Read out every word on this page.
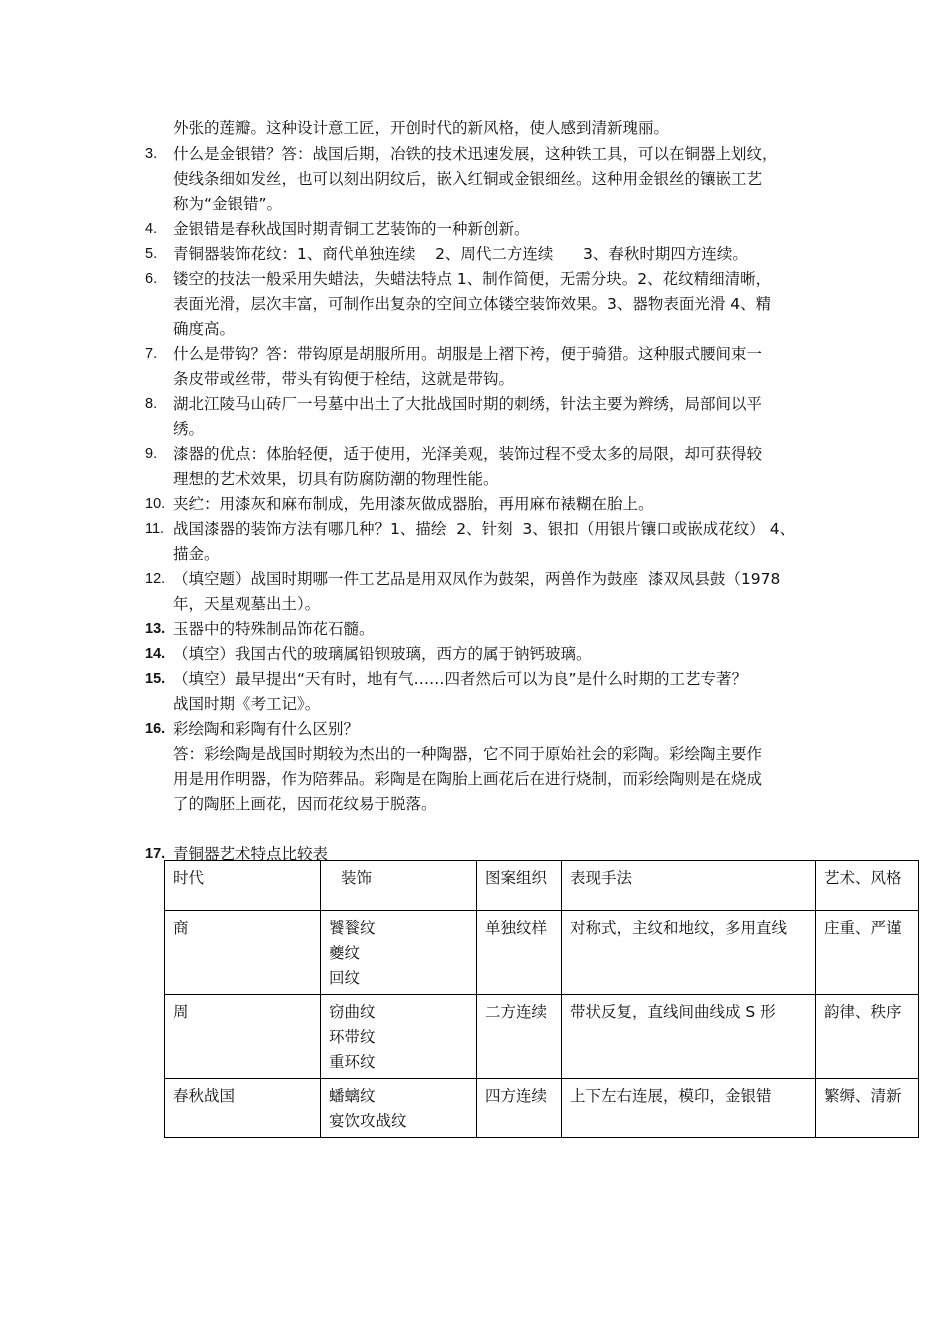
外张的莲瓣。这种设计意工匠，开创时代的新风格，使人感到清新瑰丽。
3. 什么是金银错？答：战国后期，冶铁的技术迅速发展，这种铁工具，可以在铜器上划纹，
使线条细如发丝，也可以刻出阴纹后，嵌入红铜或金银细丝。这种用金银丝的镶嵌工艺
称为“金银错”。
4. 金银错是春秋战国时期青铜工艺装饰的一种新创新。
5. 青铜器装饰花纹：1、商代单独连续    2、周代二方连续      3、春秋时期四方连续。
6. 镂空的技法一般采用失蜡法，失蜡法特点 1、制作简便，无需分块。2、花纹精细清晰，
表面光滑，层次丰富，可制作出复杂的空间立体镂空装饰效果。3、器物表面光滑 4、精
确度高。
7. 什么是带钩？答：带钩原是胡服所用。胡服是上褶下袴，便于骑猎。这种服式腰间束一
条皮带或丝带，带头有钩便于栓结，这就是带钩。
8. 湖北江陵马山砖厂一号墓中出土了大批战国时期的刺绣，针法主要为辫绣，局部间以平
绣。
9. 漆器的优点：体胎轻便，适于使用，光泽美观，装饰过程不受太多的局限，却可获得较
理想的艺术效果，切具有防腐防潮的物理性能。
10. 夹纻：用漆灰和麻布制成，先用漆灰做成器胎，再用麻布裱糊在胎上。
11. 战国漆器的装饰方法有哪几种？1、描绘  2、针刻  3、银扣（用银片镶口或嵌成花纹） 4、
描金。
12. （填空题）战国时期哪一件工艺品是用双凤作为鼓架，两兽作为鼓座  漆双凤县鼓（1978
年，天星观墓出土）。
13. 玉器中的特殊制品饰花石髓。
14. （填空）我国古代的玻璃属铅钡玻璃，西方的属于钠钙玻璃。
15. （填空）最早提出“天有时，地有气……四者然后可以为良”是什么时期的工艺专著？
战国时期《考工记》。
16. 彩绘陶和彩陶有什么区别？
答：彩绘陶是战国时期较为杰出的一种陶器，它不同于原始社会的彩陶。彩绘陶主要作
用是用作明器，作为陪葬品。彩陶是在陶胎上画花后在进行烧制，而彩绘陶则是在烧成
了的陶胚上画花，因而花纹易于脱落。
17. 青铜器艺术特点比较表
时代	装饰	图案组织	表现手法	艺术、风格
商	饕餮纹
夔纹
回纹	单独纹样	对称式，主纹和地纹，多用直线	庄重、严谨
周	窃曲纹
环带纹
重环纹	二方连续	带状反复，直线间曲线成 S 形	韵律、秩序
春秋战国	蟠螭纹
宴饮攻战纹	四方连续	上下左右连展，模印，金银错	繁缛、清新
